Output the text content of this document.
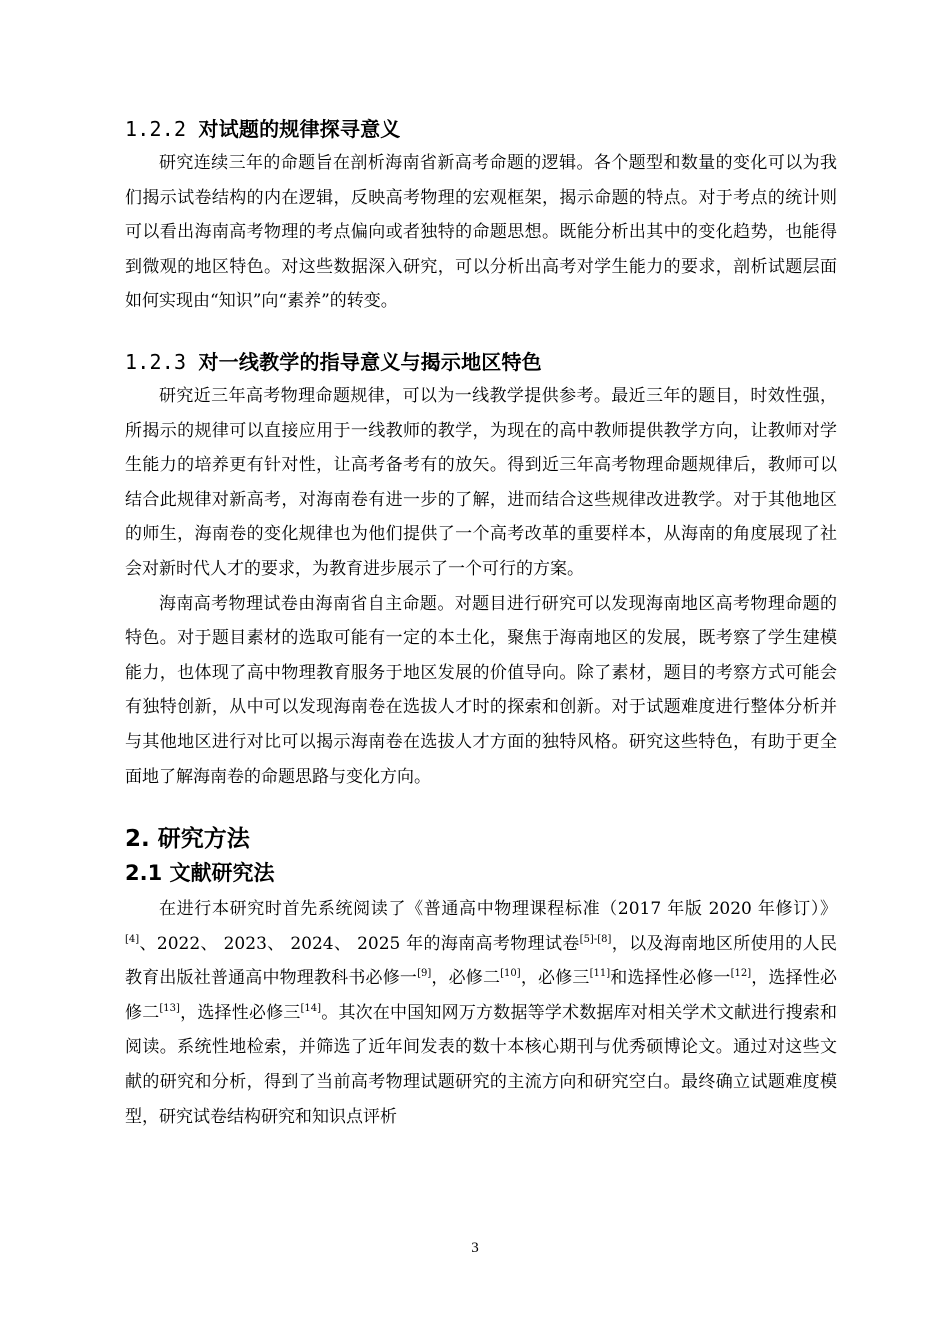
1.2.2 对试题的规律探寻意义

研究连续三年的命题旨在剖析海南省新高考命题的逻辑。各个题型和数量的变化可以为我们揭示试卷结构的内在逻辑，反映高考物理的宏观框架，揭示命题的特点。对于考点的统计则可以看出海南高考物理的考点偏向或者独特的命题思想。既能分析出其中的变化趋势，也能得到微观的地区特色。对这些数据深入研究，可以分析出高考对学生能力的要求，剖析试题层面如何实现由“知识”向“素养”的转变。

1.2.3 对一线教学的指导意义与揭示地区特色

研究近三年高考物理命题规律，可以为一线教学提供参考。最近三年的题目，时效性强，所揭示的规律可以直接应用于一线教师的教学，为现在的高中教师提供教学方向，让教师对学生能力的培养更有针对性，让高考备考有的放矢。得到近三年高考物理命题规律后，教师可以结合此规律对新高考，对海南卷有进一步的了解，进而结合这些规律改进教学。对于其他地区的师生，海南卷的变化规律也为他们提供了一个高考改革的重要样本，从海南的角度展现了社会对新时代人才的要求，为教育进步展示了一个可行的方案。

海南高考物理试卷由海南省自主命题。对题目进行研究可以发现海南地区高考物理命题的特色。对于题目素材的选取可能有一定的本土化，聚焦于海南地区的发展，既考察了学生建模能力，也体现了高中物理教育服务于地区发展的价值导向。除了素材，题目的考察方式可能会有独特创新，从中可以发现海南卷在选拔人才时的探索和创新。对于试题难度进行整体分析并与其他地区进行对比可以揭示海南卷在选拔人才方面的独特风格。研究这些特色，有助于更全面地了解海南卷的命题思路与变化方向。

2. 研究方法
2.1 文献研究法

在进行本研究时首先系统阅读了《普通高中物理课程标准（2017 年版 2020 年修订）》[4]、2022、 2023、 2024、 2025 年的海南高考物理试卷[5]-[8]，以及海南地区所使用的人民教育出版社普通高中物理教科书必修一[9]，必修二[10]，必修三[11]和选择性必修一[12]，选择性必修二[13]，选择性必修三[14]。其次在中国知网万方数据等学术数据库对相关学术文献进行搜索和阅读。系统性地检索，并筛选了近年间发表的数十本核心期刊与优秀硕博论文。通过对这些文献的研究和分析，得到了当前高考物理试题研究的主流方向和研究空白。最终确立试题难度模型，研究试卷结构研究和知识点评析

3
